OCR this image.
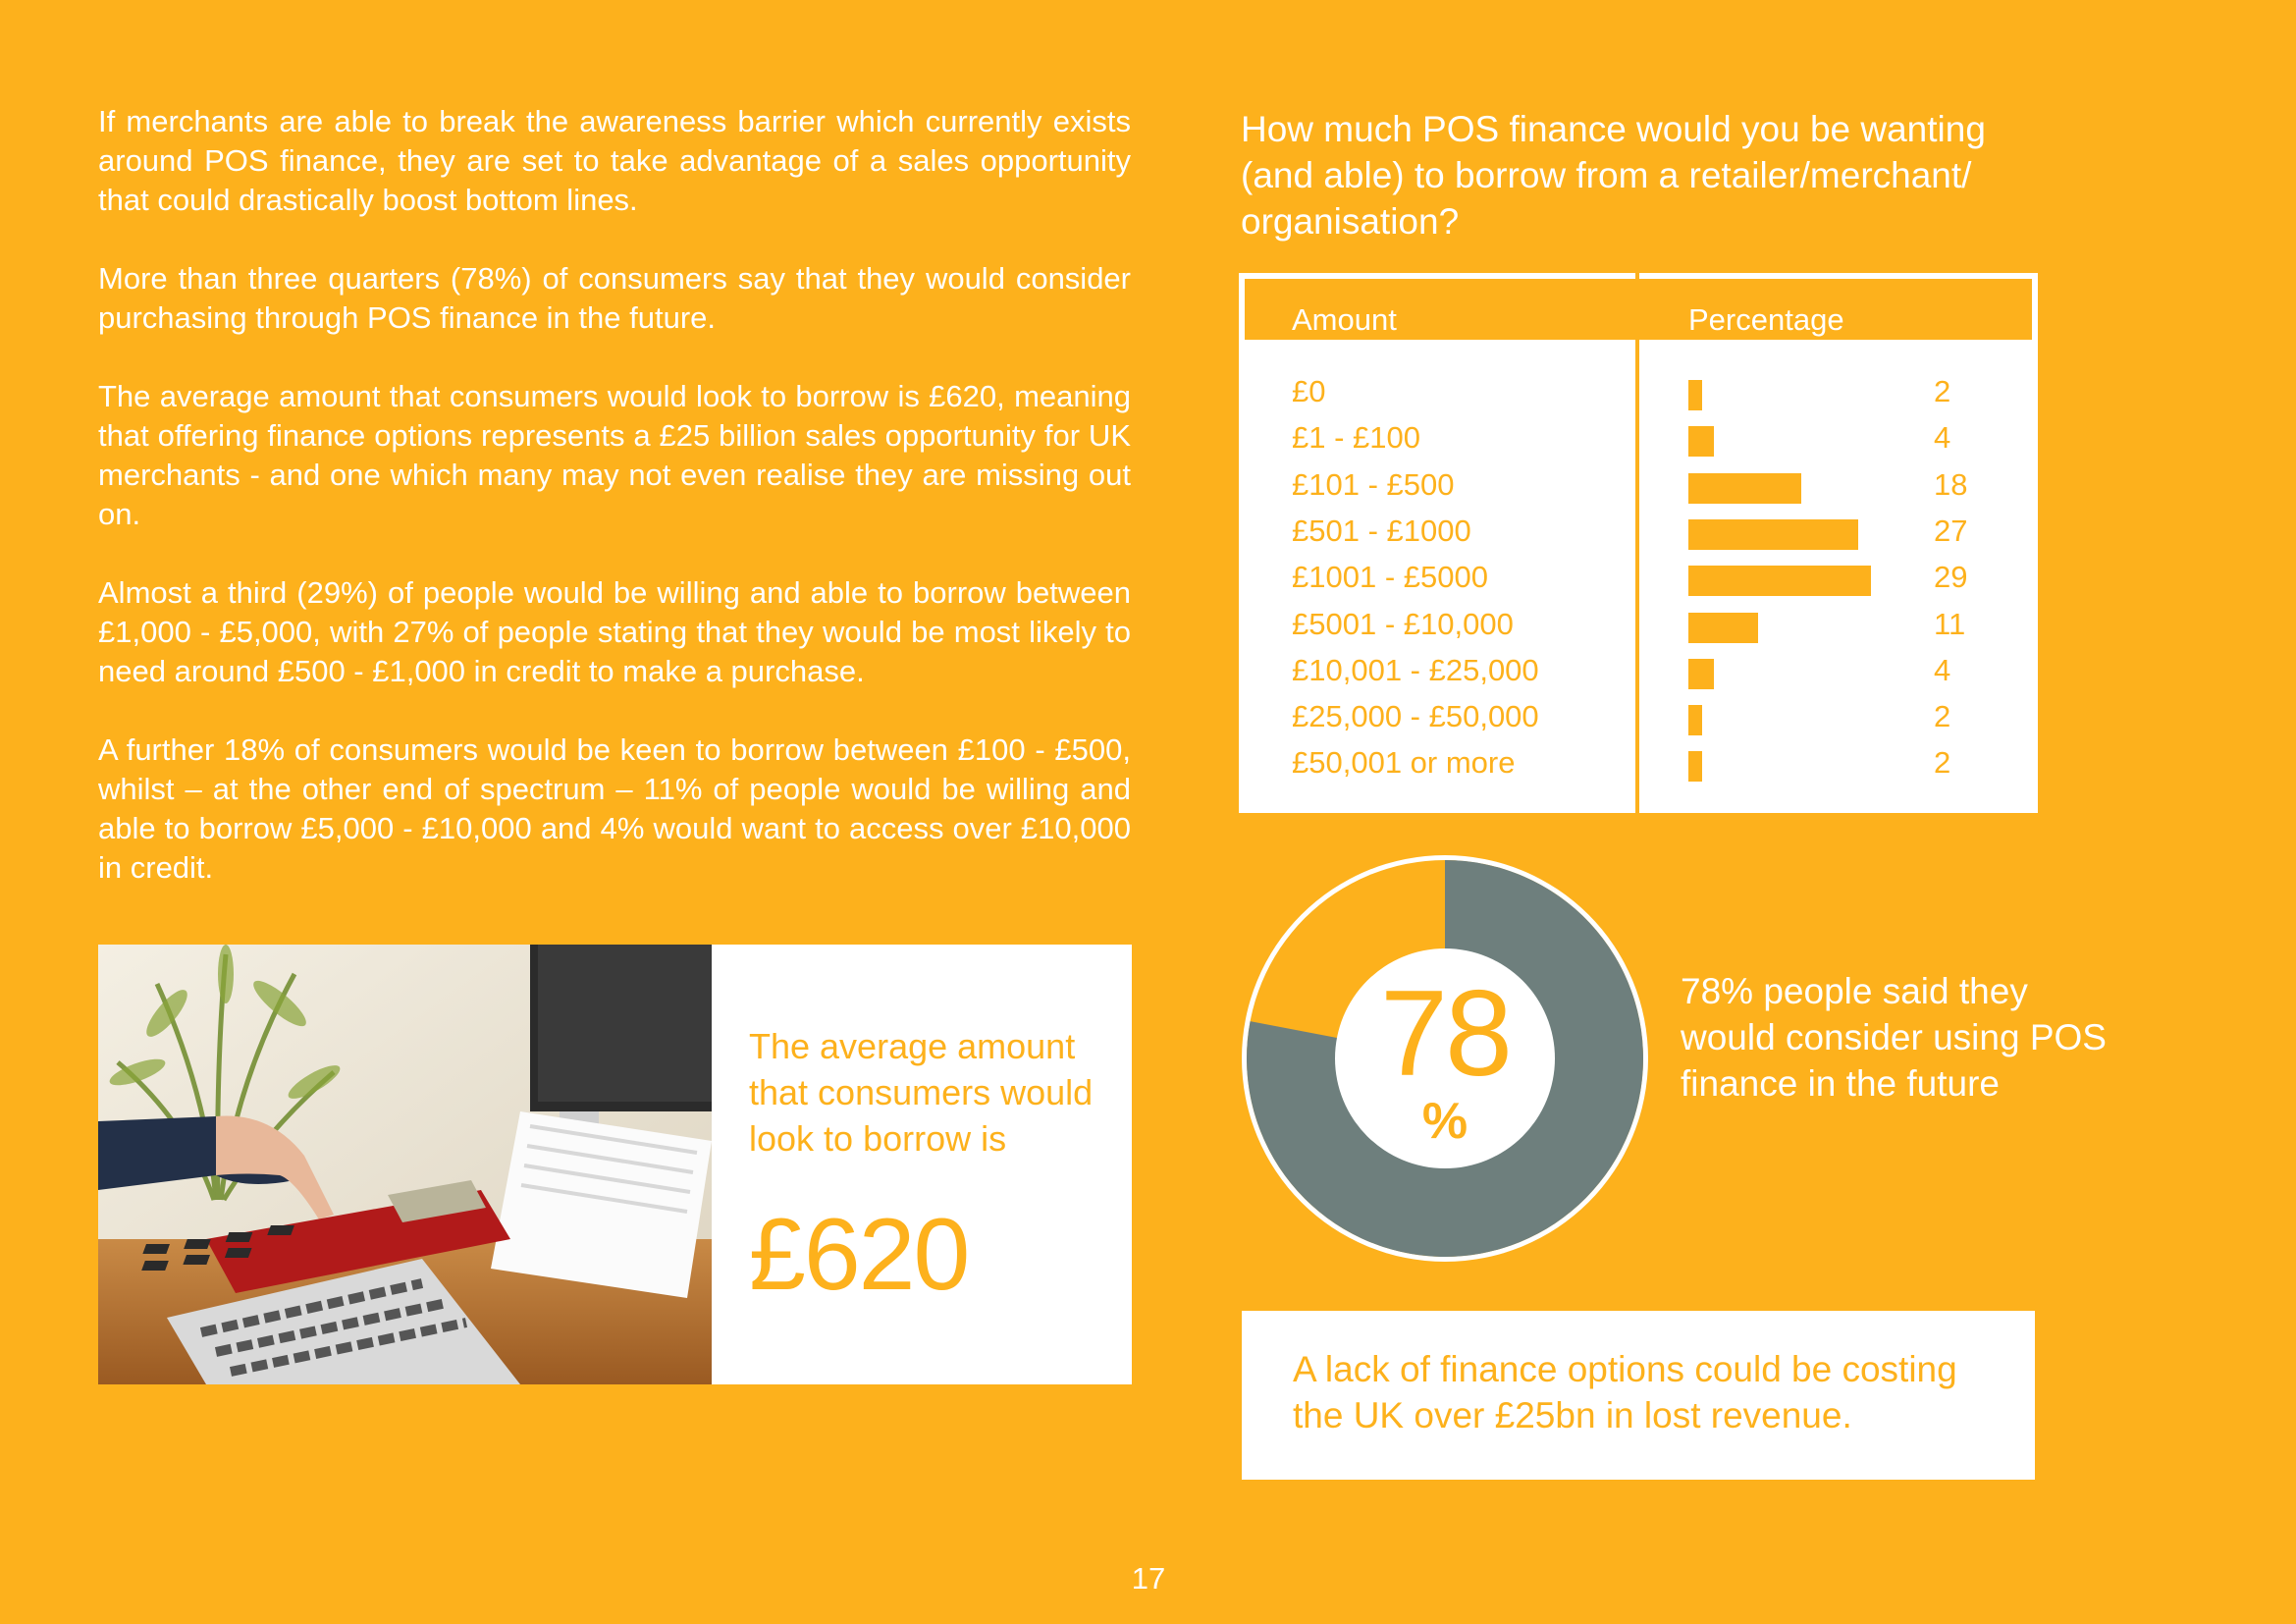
If merchants are able to break the awareness barrier which currently exists around POS finance, they are set to take advantage of a sales opportunity that could drastically boost bottom lines.

More than three quarters (78%) of consumers say that they would consider purchasing through POS finance in the future.

The average amount that consumers would look to borrow is £620, meaning that offering finance options represents a £25 billion sales opportunity for UK merchants - and one which many may not even realise they are missing out on.

Almost a third (29%) of people would be willing and able to borrow between £1,000 - £5,000, with 27% of people stating that they would be most likely to need around £500 - £1,000 in credit to make a purchase.

A further 18% of consumers would be keen to borrow between £100 - £500, whilst – at the other end of spectrum – 11% of people would be willing and able to borrow £5,000 - £10,000 and 4% would want to access over £10,000 in credit.

The average amount that consumers would look to borrow is
£620
How much POS finance would you be wanting (and able) to borrow from a retailer/merchant/ organisation?
Amount	Percentage
£0	2
£1 - £100	4
£101 - £500	18
£501 - £1000	27
£1001 - £5000	29
£5001 - £10,000	11
£10,001 - £25,000	4
£25,000 - £50,000	2
£50,001 or more	2
78
%
78% people said they would consider using POS finance in the future
A lack of finance options could be costing the UK over £25bn in lost revenue.
17
